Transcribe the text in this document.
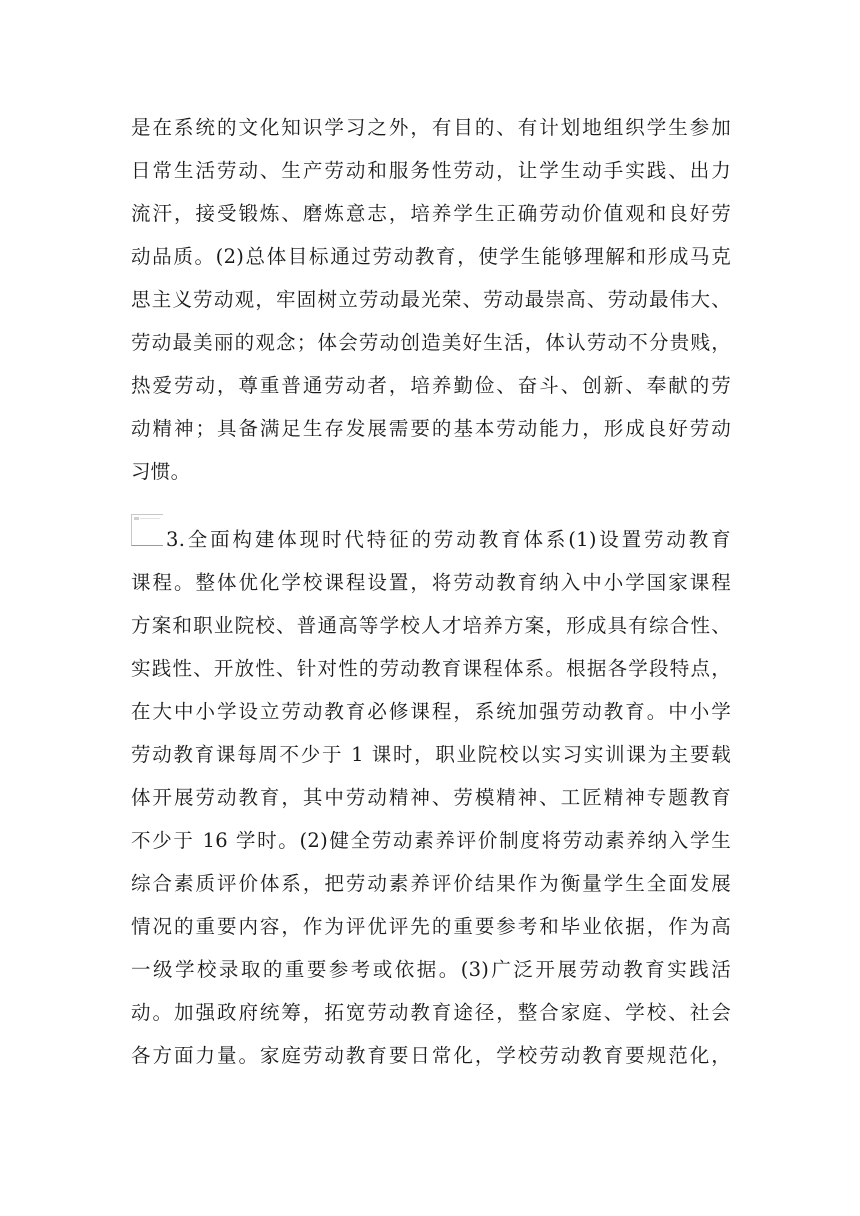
是在系统的文化知识学习之外，有目的、有计划地组织学生参加
日常生活劳动、生产劳动和服务性劳动，让学生动手实践、出力
流汗，接受锻炼、磨炼意志，培养学生正确劳动价值观和良好劳
动品质。(2)总体目标通过劳动教育，使学生能够理解和形成马克
思主义劳动观，牢固树立劳动最光荣、劳动最崇高、劳动最伟大、
劳动最美丽的观念；体会劳动创造美好生活，体认劳动不分贵贱，
热爱劳动，尊重普通劳动者，培养勤俭、奋斗、创新、奉献的劳
动精神；具备满足生存发展需要的基本劳动能力，形成良好劳动
习惯。
3.全面构建体现时代特征的劳动教育体系(1)设置劳动教育
课程。整体优化学校课程设置，将劳动教育纳入中小学国家课程
方案和职业院校、普通高等学校人才培养方案，形成具有综合性、
实践性、开放性、针对性的劳动教育课程体系。根据各学段特点，
在大中小学设立劳动教育必修课程，系统加强劳动教育。中小学
劳动教育课每周不少于 1 课时，职业院校以实习实训课为主要载
体开展劳动教育，其中劳动精神、劳模精神、工匠精神专题教育
不少于 16 学时。(2)健全劳动素养评价制度将劳动素养纳入学生
综合素质评价体系，把劳动素养评价结果作为衡量学生全面发展
情况的重要内容，作为评优评先的重要参考和毕业依据，作为高
一级学校录取的重要参考或依据。(3)广泛开展劳动教育实践活
动。加强政府统筹，拓宽劳动教育途径，整合家庭、学校、社会
各方面力量。家庭劳动教育要日常化，学校劳动教育要规范化，
